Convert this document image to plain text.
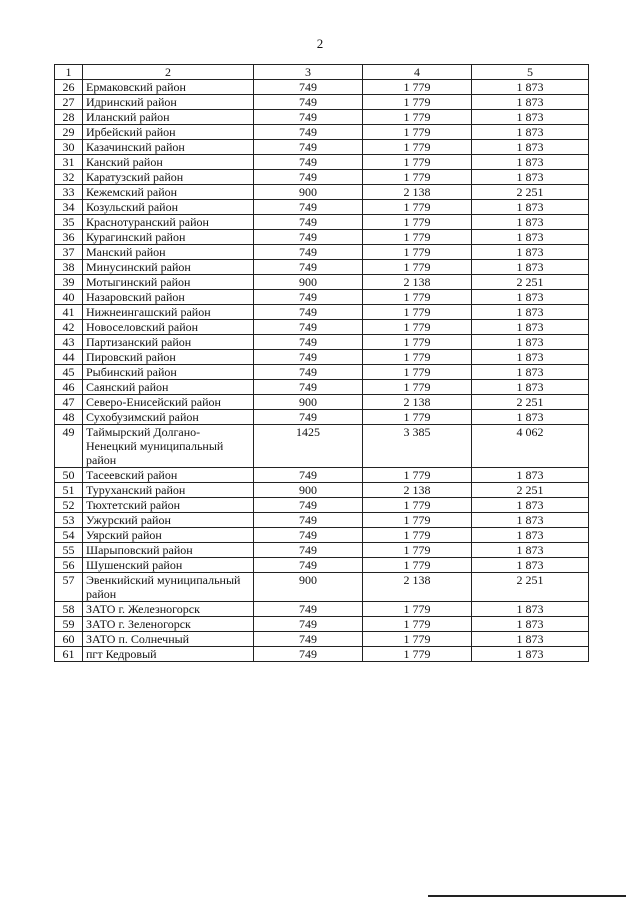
2
1	2	3	4	5
26	Ермаковский район	749	1 779	1 873
27	Идринский район	749	1 779	1 873
28	Иланский район	749	1 779	1 873
29	Ирбейский район	749	1 779	1 873
30	Казачинский район	749	1 779	1 873
31	Канский район	749	1 779	1 873
32	Каратузский район	749	1 779	1 873
33	Кежемский район	900	2 138	2 251
34	Козульский район	749	1 779	1 873
35	Краснотуранский район	749	1 779	1 873
36	Курагинский район	749	1 779	1 873
37	Манский район	749	1 779	1 873
38	Минусинский район	749	1 779	1 873
39	Мотыгинский район	900	2 138	2 251
40	Назаровский район	749	1 779	1 873
41	Нижнеингашский район	749	1 779	1 873
42	Новоселовский район	749	1 779	1 873
43	Партизанский район	749	1 779	1 873
44	Пировский район	749	1 779	1 873
45	Рыбинский район	749	1 779	1 873
46	Саянский район	749	1 779	1 873
47	Северо-Енисейский район	900	2 138	2 251
48	Сухобузимский район	749	1 779	1 873
49	Таймырский Долгано-Ненецкий муниципальный район	1425	3 385	4 062
50	Тасеевский район	749	1 779	1 873
51	Туруханский район	900	2 138	2 251
52	Тюхтетский район	749	1 779	1 873
53	Ужурский район	749	1 779	1 873
54	Уярский район	749	1 779	1 873
55	Шарыповский район	749	1 779	1 873
56	Шушенский район	749	1 779	1 873
57	Эвенкийский муниципальный район	900	2 138	2 251
58	ЗАТО г. Железногорск	749	1 779	1 873
59	ЗАТО г. Зеленогорск	749	1 779	1 873
60	ЗАТО п. Солнечный	749	1 779	1 873
61	пгт Кедровый	749	1 779	1 873
